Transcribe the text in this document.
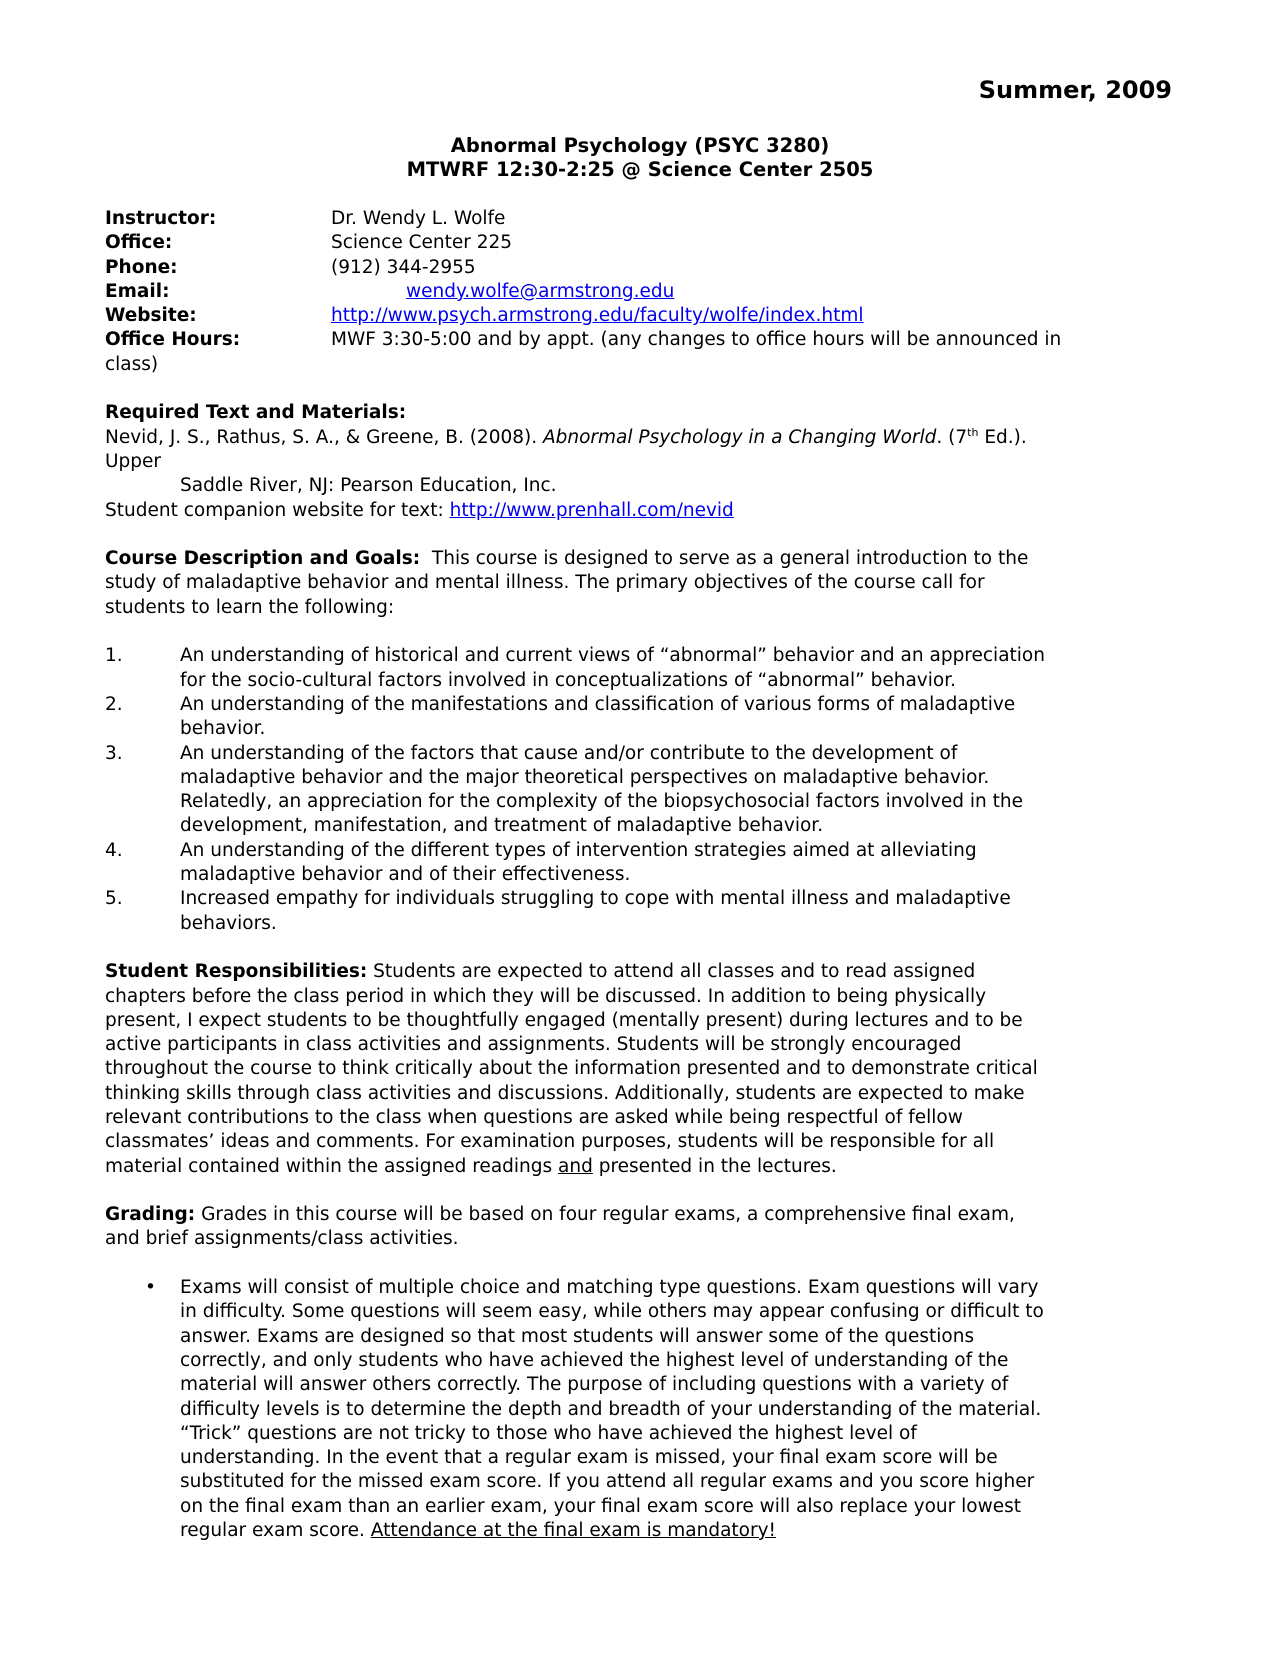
Summer, 2009
Abnormal Psychology (PSYC 3280)
MTWRF 12:30-2:25 @ Science Center 2505
Instructor:	Dr. Wendy L. Wolfe
Office:	Science Center 225
Phone:	(912) 344-2955
Email:	wendy.wolfe@armstrong.edu
Website:	http://www.psych.armstrong.edu/faculty/wolfe/index.html
Office Hours:	MWF 3:30-5:00 and by appt. (any changes to office hours will be announced in
class)
Required Text and Materials:
Nevid, J. S., Rathus, S. A., & Greene, B. (2008). Abnormal Psychology in a Changing World. (7th Ed.).
Upper
Saddle River, NJ: Pearson Education, Inc.
Student companion website for text: http://www.prenhall.com/nevid
Course Description and Goals:  This course is designed to serve as a general introduction to the
study of maladaptive behavior and mental illness. The primary objectives of the course call for
students to learn the following:
1.	An understanding of historical and current views of “abnormal” behavior and an appreciation
for the socio-cultural factors involved in conceptualizations of “abnormal” behavior.
2.	An understanding of the manifestations and classification of various forms of maladaptive
behavior.
3.	An understanding of the factors that cause and/or contribute to the development of
maladaptive behavior and the major theoretical perspectives on maladaptive behavior.
Relatedly, an appreciation for the complexity of the biopsychosocial factors involved in the
development, manifestation, and treatment of maladaptive behavior.
4.	An understanding of the different types of intervention strategies aimed at alleviating
maladaptive behavior and of their effectiveness.
5.	Increased empathy for individuals struggling to cope with mental illness and maladaptive
behaviors.
Student Responsibilities: Students are expected to attend all classes and to read assigned
chapters before the class period in which they will be discussed. In addition to being physically
present, I expect students to be thoughtfully engaged (mentally present) during lectures and to be
active participants in class activities and assignments. Students will be strongly encouraged
throughout the course to think critically about the information presented and to demonstrate critical
thinking skills through class activities and discussions. Additionally, students are expected to make
relevant contributions to the class when questions are asked while being respectful of fellow
classmates’ ideas and comments. For examination purposes, students will be responsible for all
material contained within the assigned readings and presented in the lectures.
Grading: Grades in this course will be based on four regular exams, a comprehensive final exam,
and brief assignments/class activities.
•	Exams will consist of multiple choice and matching type questions. Exam questions will vary
in difficulty. Some questions will seem easy, while others may appear confusing or difficult to
answer. Exams are designed so that most students will answer some of the questions
correctly, and only students who have achieved the highest level of understanding of the
material will answer others correctly. The purpose of including questions with a variety of
difficulty levels is to determine the depth and breadth of your understanding of the material.
“Trick” questions are not tricky to those who have achieved the highest level of
understanding. In the event that a regular exam is missed, your final exam score will be
substituted for the missed exam score. If you attend all regular exams and you score higher
on the final exam than an earlier exam, your final exam score will also replace your lowest
regular exam score. Attendance at the final exam is mandatory!
